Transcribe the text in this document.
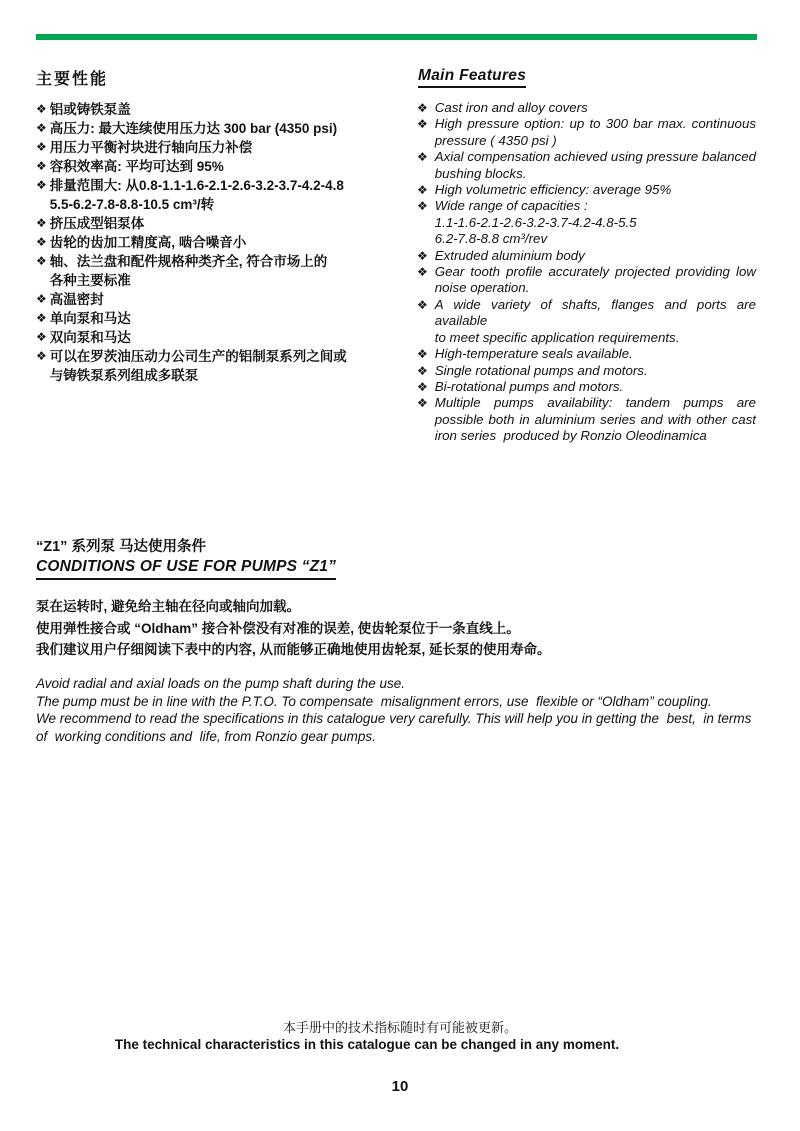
主要性能	Main Features
❖ 铝或铸铁泵盖
❖ 高压力: 最大连续使用压力达 300 bar (4350 psi)
❖ 用压力平衡衬块进行轴向压力补偿
❖ 容积效率高: 平均可达到 95%
❖ 排量范围大: 从0.8-1.1-1.6-2.1-2.6-3.2-3.7-4.2-4.8
5.5-6.2-7.8-8.8-10.5 cm³/转
❖ 挤压成型铝泵体
❖ 齿轮的齿加工精度高, 啮合噪音小
❖ 轴、法兰盘和配件规格种类齐全, 符合市场上的
各种主要标准
❖ 高温密封
❖ 单向泵和马达
❖ 双向泵和马达
❖ 可以在罗茨油压动力公司生产的铝制泵系列之间或
与铸铁泵系列组成多联泵
❖ Cast iron and alloy covers
❖ High pressure option: up to 300 bar max. continuous
pressure ( 4350 psi )
❖ Axial compensation achieved using pressure balanced
bushing blocks.
❖ High volumetric efficiency: average 95%
❖ Wide range of capacities :
1.1-1.6-2.1-2.6-3.2-3.7-4.2-4.8-5.5
6.2-7.8-8.8 cm³/rev
❖ Extruded aluminium body
❖ Gear tooth profile accurately projected providing low
noise operation.
❖ A wide variety of shafts, flanges and ports are available
to meet specific application requirements.
❖ High-temperature seals available.
❖ Single rotational pumps and motors.
❖ Bi-rotational pumps and motors.
❖ Multiple pumps availability: tandem pumps are
possible both in aluminium series and with other cast
iron series  produced by Ronzio Oleodinamica
“Z1” 系列泵 马达使用条件
CONDITIONS OF USE FOR PUMPS “Z1”
泵在运转时, 避免给主轴在径向或轴向加载。
使用弹性接合或 “Oldham” 接合补偿没有对准的误差, 使齿轮泵位于一条直线上。
我们建议用户仔细阅读下表中的内容, 从而能够正确地使用齿轮泵, 延长泵的使用寿命。
Avoid radial and axial loads on the pump shaft during the use.
The pump must be in line with the P.T.O. To compensate  misalignment errors, use  flexible or “Oldham” coupling.
We recommend to read the specifications in this catalogue very carefully. This will help you in getting the  best,  in terms
of  working conditions and  life, from Ronzio gear pumps.
本手册中的技术指标随时有可能被更新。
The technical characteristics in this catalogue can be changed in any moment.
10
